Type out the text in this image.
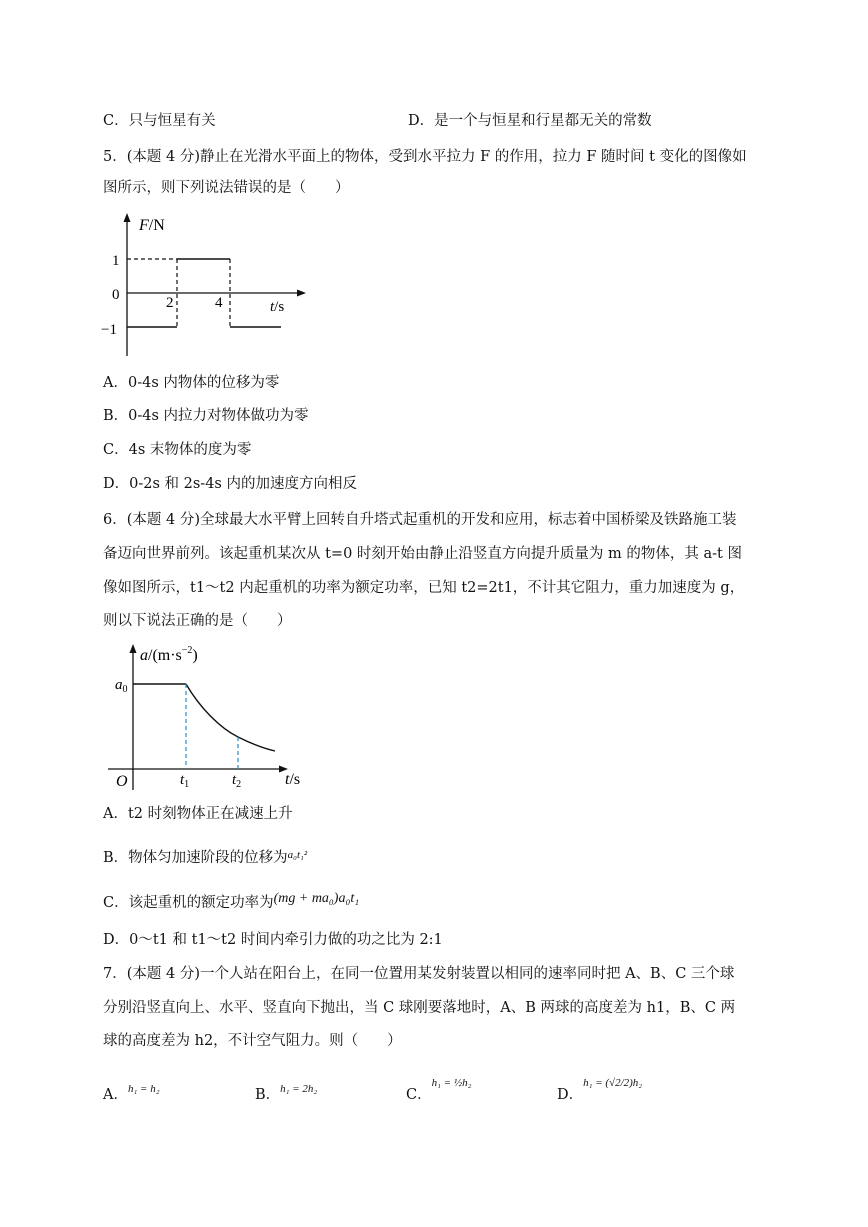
C．只与恒星有关	D．是一个与恒星和行星都无关的常数
5．(本题 4 分)静止在光滑水平面上的物体，受到水平拉力 F 的作用，拉力 F 随时间 t 变化的图像如
图所示，则下列说法错误的是（　　）
F/N
1
0
−1
2	4	t/s
A．0-4s 内物体的位移为零
B．0-4s 内拉力对物体做功为零
C．4s 末物体的度为零
D．0-2s 和 2s-4s 内的加速度方向相反
6．(本题 4 分)全球最大水平臂上回转自升塔式起重机的开发和应用，标志着中国桥梁及铁路施工装
备迈向世界前列。该起重机某次从 t=0 时刻开始由静止沿竖直方向提升质量为 m 的物体，其 a-t 图
像如图所示，t1～t2 内起重机的功率为额定功率，已知 t2=2t1，不计其它阻力，重力加速度为 g，
则以下说法正确的是（　　）
$a/(m\cdot s^{-2})$
$a_0$
O	$t_1$	$t_2$	t/s
A．t2 时刻物体正在减速上升
B．物体匀加速阶段的位移为$^{a_0t_1^2}$
C．该起重机的额定功率为(mg + ma₀)a₀t₁
D．0～t1 和 t1～t2 时间内牵引力做的功之比为 2:1
7．(本题 4 分)一个人站在阳台上，在同一位置用某发射装置以相同的速率同时把 A、B、C 三个球
分别沿竖直向上、水平、竖直向下抛出，当 C 球刚要落地时，A、B 两球的高度差为 h1，B、C 两
球的高度差为 h2，不计空气阻力。则（　　）
A．$^{h_1 = h_2}$	B．$^{h_1 = 2h_2}$	C．$^{h_1 = \frac{1}{2}h_2}$
D．$^{h_1 = (√2/2)h_2}$
